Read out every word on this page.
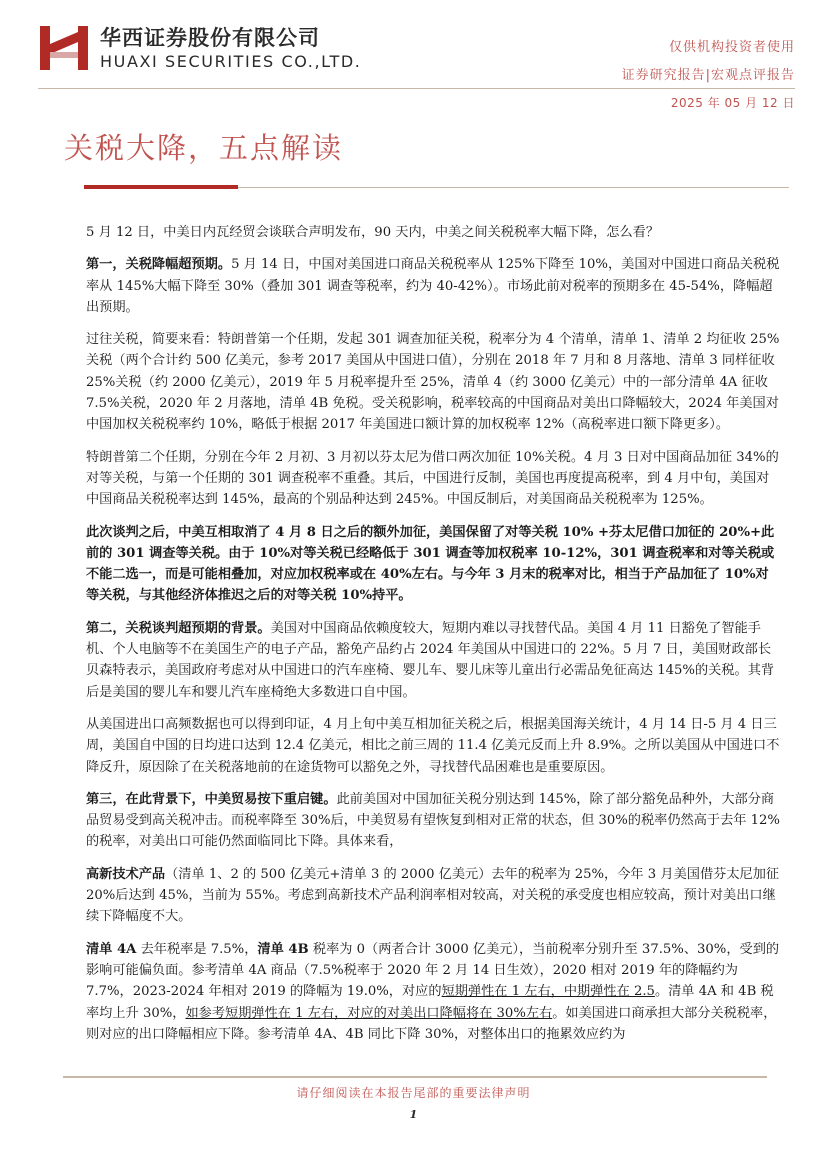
华西证券股份有限公司
HUAXI SECURITIES CO.,LTD.
仅供机构投资者使用
证券研究报告|宏观点评报告
2025 年 05 月 12 日
关税大降，五点解读

5 月 12 日，中美日内瓦经贸会谈联合声明发布，90 天内，中美之间关税税率大幅下降，怎么看？

第一，关税降幅超预期。5 月 14 日，中国对美国进口商品关税税率从 125%下降至 10%，美国对中国进口商品关税税率从 145%大幅下降至 30%（叠加 301 调查等税率，约为 40-42%）。市场此前对税率的预期多在 45-54%，降幅超出预期。

过往关税，简要来看：特朗普第一个任期，发起 301 调查加征关税，税率分为 4 个清单，清单 1、清单 2 均征收 25%关税（两个合计约 500 亿美元，参考 2017 美国从中国进口值），分别在 2018 年 7 月和 8 月落地、清单 3 同样征收 25%关税（约 2000 亿美元），2019 年 5 月税率提升至 25%，清单 4（约 3000 亿美元）中的一部分清单 4A 征收 7.5%关税，2020 年 2 月落地，清单 4B 免税。受关税影响，税率较高的中国商品对美出口降幅较大，2024 年美国对中国加权关税税率约 10%，略低于根据 2017 年美国进口额计算的加权税率 12%（高税率进口额下降更多）。

特朗普第二个任期，分别在今年 2 月初、3 月初以芬太尼为借口两次加征 10%关税。4 月 3 日对中国商品加征 34%的对等关税，与第一个任期的 301 调查税率不重叠。其后，中国进行反制，美国也再度提高税率，到 4 月中旬，美国对中国商品关税税率达到 145%，最高的个别品种达到 245%。中国反制后，对美国商品关税税率为 125%。

此次谈判之后，中美互相取消了 4 月 8 日之后的额外加征，美国保留了对等关税 10% +芬太尼借口加征的 20%+此前的 301 调查等关税。由于 10%对等关税已经略低于 301 调查等加权税率 10-12%，301 调查税率和对等关税或不能二选一，而是可能相叠加，对应加权税率或在 40%左右。与今年 3 月末的税率对比，相当于产品加征了 10%对等关税，与其他经济体推迟之后的对等关税 10%持平。

第二，关税谈判超预期的背景。美国对中国商品依赖度较大，短期内难以寻找替代品。美国 4 月 11 日豁免了智能手机、个人电脑等不在美国生产的电子产品，豁免产品约占 2024 年美国从中国进口的 22%。5 月 7 日，美国财政部长贝森特表示，美国政府考虑对从中国进口的汽车座椅、婴儿车、婴儿床等儿童出行必需品免征高达 145%的关税。其背后是美国的婴儿车和婴儿汽车座椅绝大多数进口自中国。

从美国进出口高频数据也可以得到印证，4 月上旬中美互相加征关税之后，根据美国海关统计，4 月 14 日-5 月 4 日三周，美国自中国的日均进口达到 12.4 亿美元，相比之前三周的 11.4 亿美元反而上升 8.9%。之所以美国从中国进口不降反升，原因除了在关税落地前的在途货物可以豁免之外，寻找替代品困难也是重要原因。

第三，在此背景下，中美贸易按下重启键。此前美国对中国加征关税分别达到 145%，除了部分豁免品种外，大部分商品贸易受到高关税冲击。而税率降至 30%后，中美贸易有望恢复到相对正常的状态，但 30%的税率仍然高于去年 12%的税率，对美出口可能仍然面临同比下降。具体来看，

高新技术产品（清单 1、2 的 500 亿美元+清单 3 的 2000 亿美元）去年的税率为 25%，今年 3 月美国借芬太尼加征 20%后达到 45%，当前为 55%。考虑到高新技术产品利润率相对较高，对关税的承受度也相应较高，预计对美出口继续下降幅度不大。

清单 4A 去年税率是 7.5%，清单 4B 税率为 0（两者合计 3000 亿美元），当前税率分别升至 37.5%、30%，受到的影响可能偏负面。参考清单 4A 商品（7.5%税率于 2020 年 2 月 14 日生效），2020 相对 2019 年的降幅约为 7.7%，2023-2024 年相对 2019 的降幅为 19.0%，对应的短期弹性在 1 左右，中期弹性在 2.5。清单 4A 和 4B 税率均上升 30%，如参考短期弹性在 1 左右，对应的对美出口降幅将在 30%左右。如美国进口商承担大部分关税税率，则对应的出口降幅相应下降。参考清单 4A、4B 同比下降 30%，对整体出口的拖累效应约为

请仔细阅读在本报告尾部的重要法律声明
1
